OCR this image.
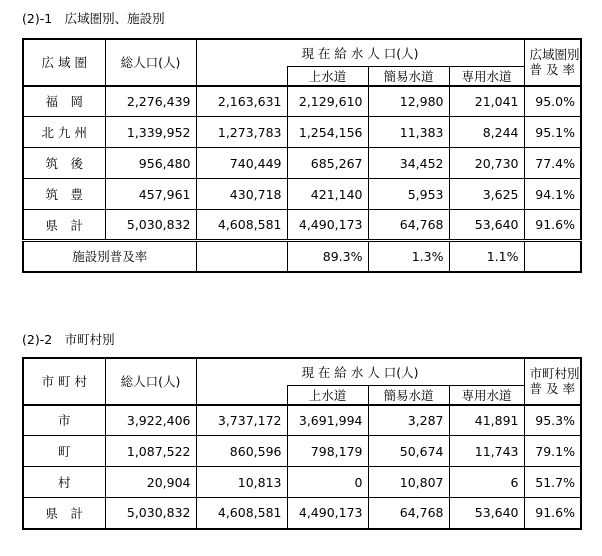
(2)-1　広域圏別、施設別
広 域 圏	総人口(人)	現 在 給 水 人 口(人)				広域圏別
普 及 率
			上水道	簡易水道	専用水道	
福　岡	2,276,439	2,163,631	2,129,610	12,980	21,041	95.0%
北 九 州	1,339,952	1,273,783	1,254,156	11,383	8,244	95.1%
筑　後	956,480	740,449	685,267	34,452	20,730	77.4%
筑　豊	457,961	430,718	421,140	5,953	3,625	94.1%
県　計	5,030,832	4,608,581	4,490,173	64,768	53,640	91.6%
施設別普及率			89.3%	1.3%	1.1%	
(2)-2　市町村別
市 町 村	総人口(人)	現 在 給 水 人 口(人)				市町村別
普 及 率
			上水道	簡易水道	専用水道	
市	3,922,406	3,737,172	3,691,994	3,287	41,891	95.3%
町	1,087,522	860,596	798,179	50,674	11,743	79.1%
村	20,904	10,813	0	10,807	6	51.7%
県　計	5,030,832	4,608,581	4,490,173	64,768	53,640	91.6%
